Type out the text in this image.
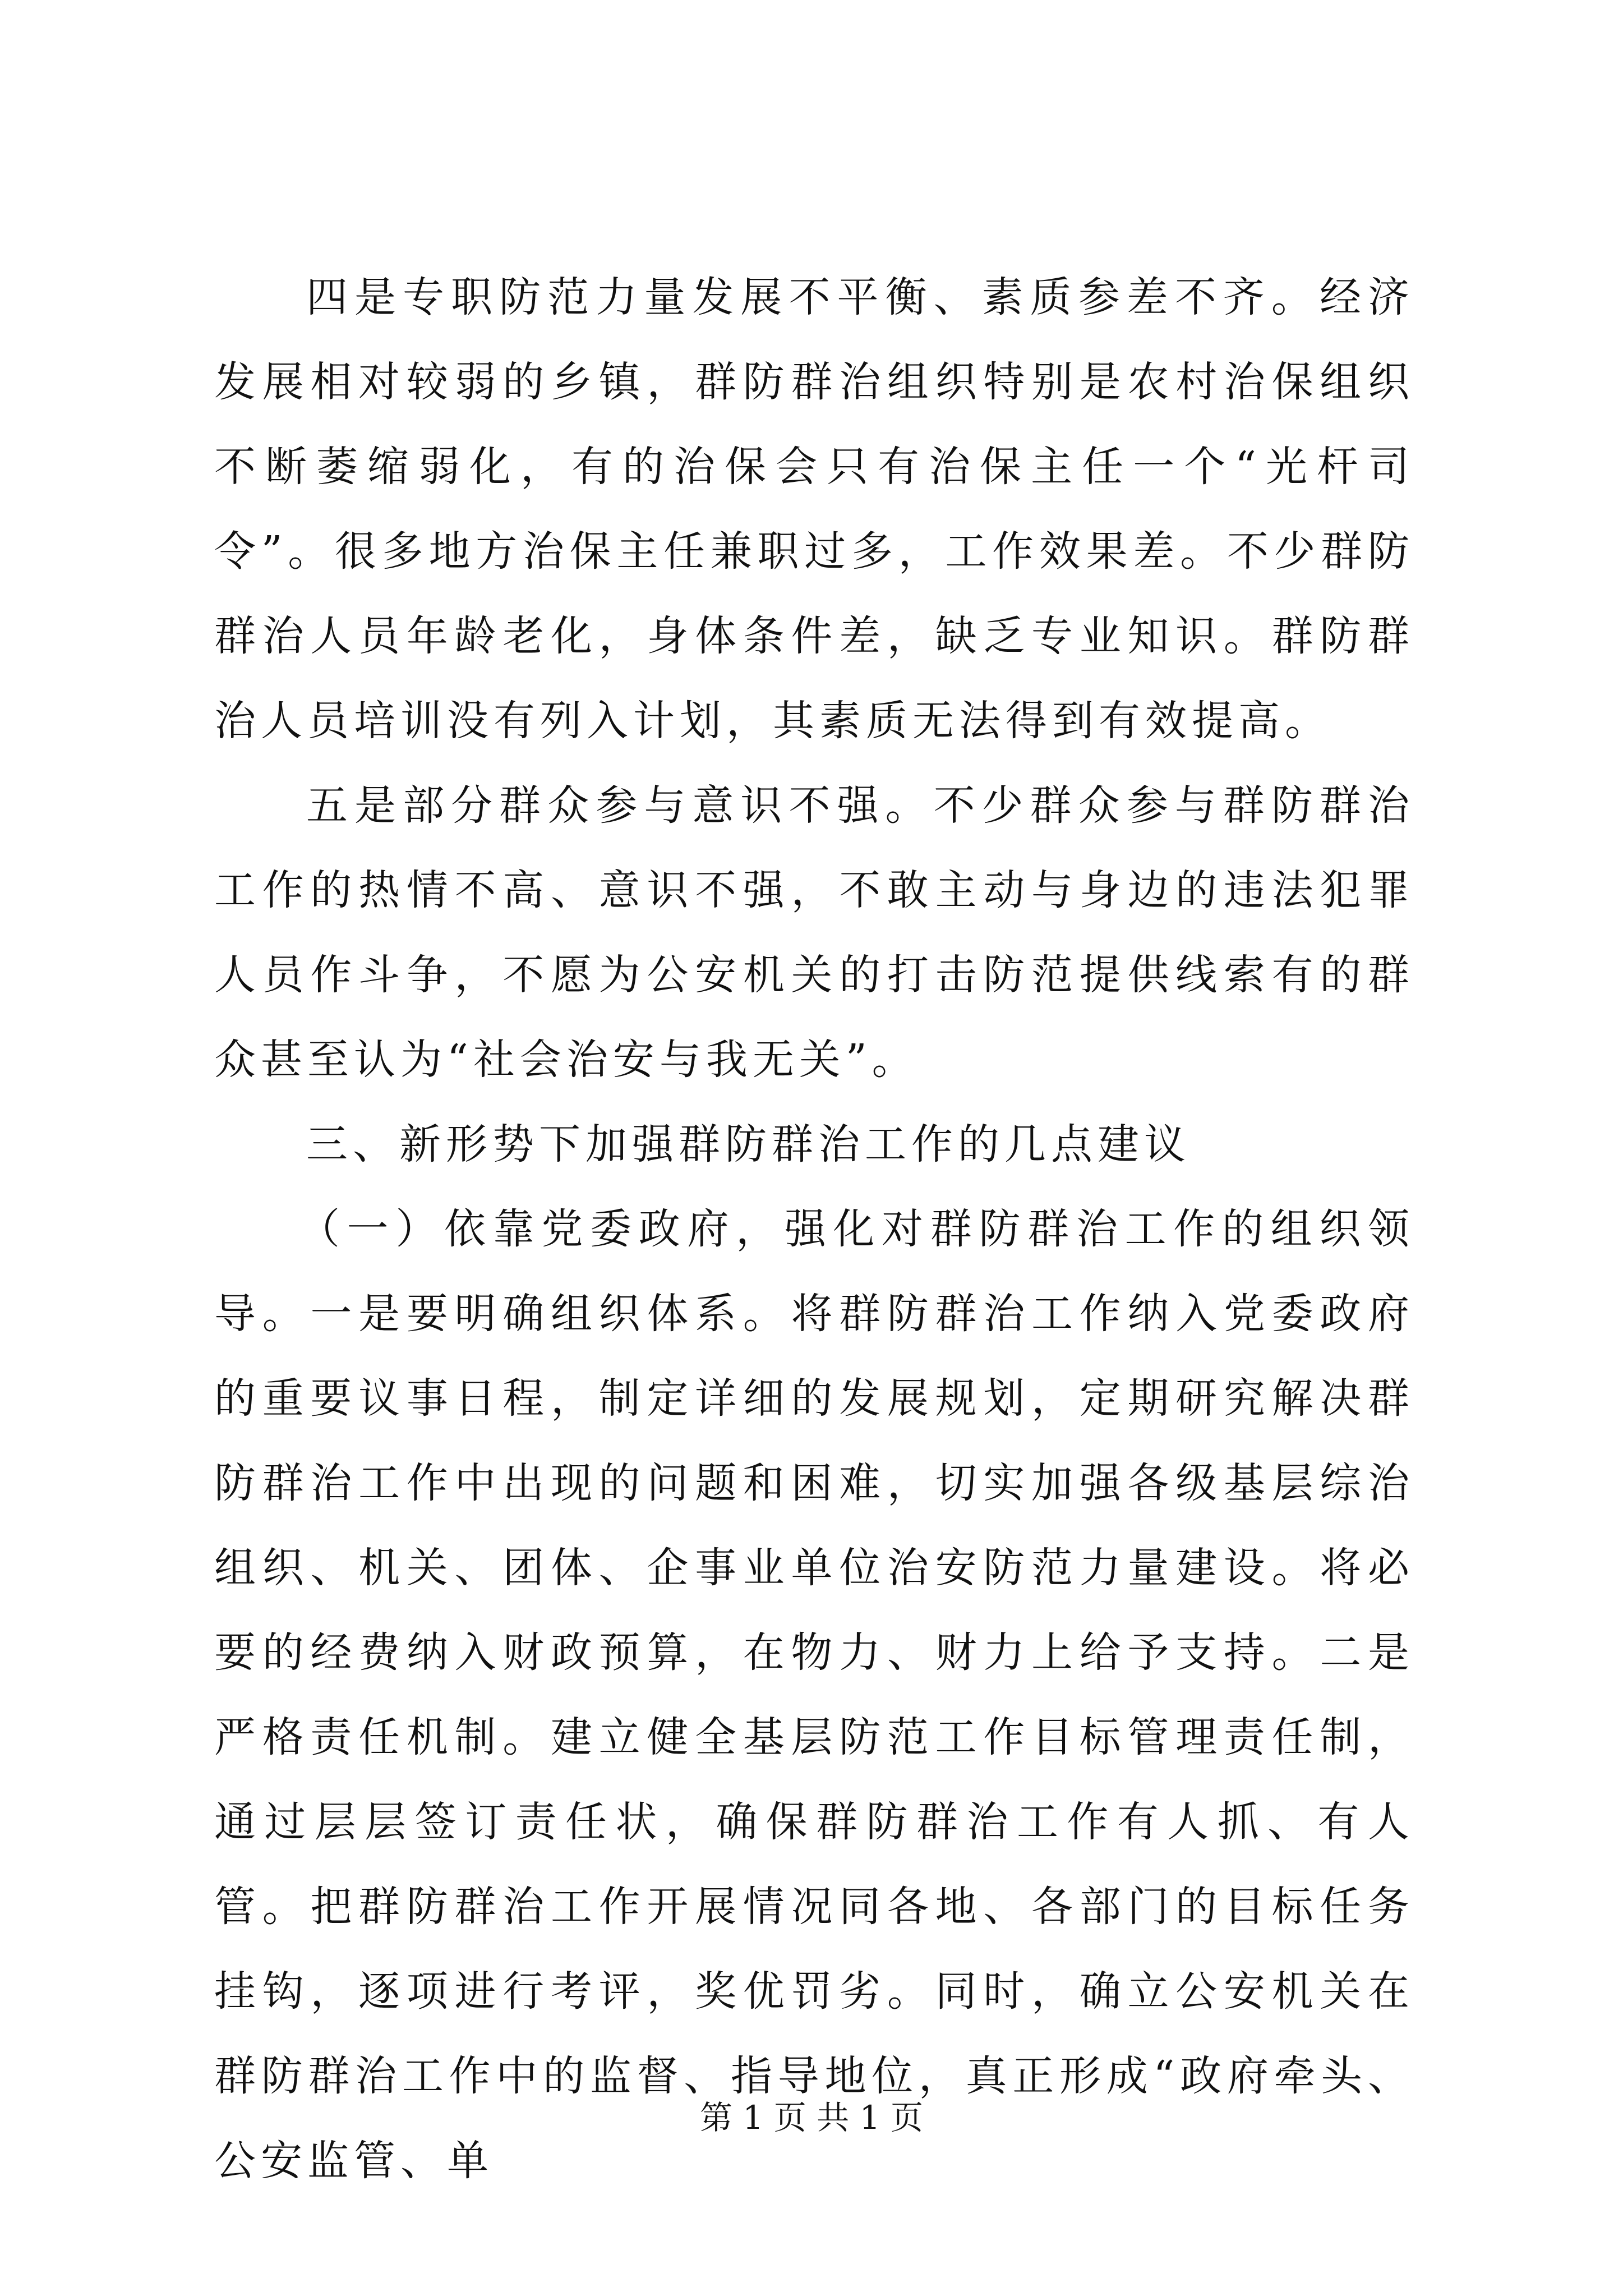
四是专职防范力量发展不平衡、素质参差不齐。经济发展相对较弱的乡镇，群防群治组织特别是农村治保组织不断萎缩弱化，有的治保会只有治保主任一个“光杆司令”。很多地方治保主任兼职过多，工作效果差。不少群防群治人员年龄老化，身体条件差，缺乏专业知识。群防群治人员培训没有列入计划，其素质无法得到有效提高。

五是部分群众参与意识不强。不少群众参与群防群治工作的热情不高、意识不强，不敢主动与身边的违法犯罪人员作斗争，不愿为公安机关的打击防范提供线索有的群众甚至认为“社会治安与我无关”。

三、新形势下加强群防群治工作的几点建议

（一）依靠党委政府，强化对群防群治工作的组织领导。一是要明确组织体系。将群防群治工作纳入党委政府的重要议事日程，制定详细的发展规划，定期研究解决群防群治工作中出现的问题和困难，切实加强各级基层综治组织、机关、团体、企事业单位治安防范力量建设。将必要的经费纳入财政预算，在物力、财力上给予支持。二是严格责任机制。建立健全基层防范工作目标管理责任制，通过层层签订责任状，确保群防群治工作有人抓、有人管。把群防群治工作开展情况同各地、各部门的目标任务挂钩，逐项进行考评，奖优罚劣。同时，确立公安机关在群防群治工作中的监督、指导地位，真正形成“政府牵头、公安监管、单

第 1 页 共 1 页
